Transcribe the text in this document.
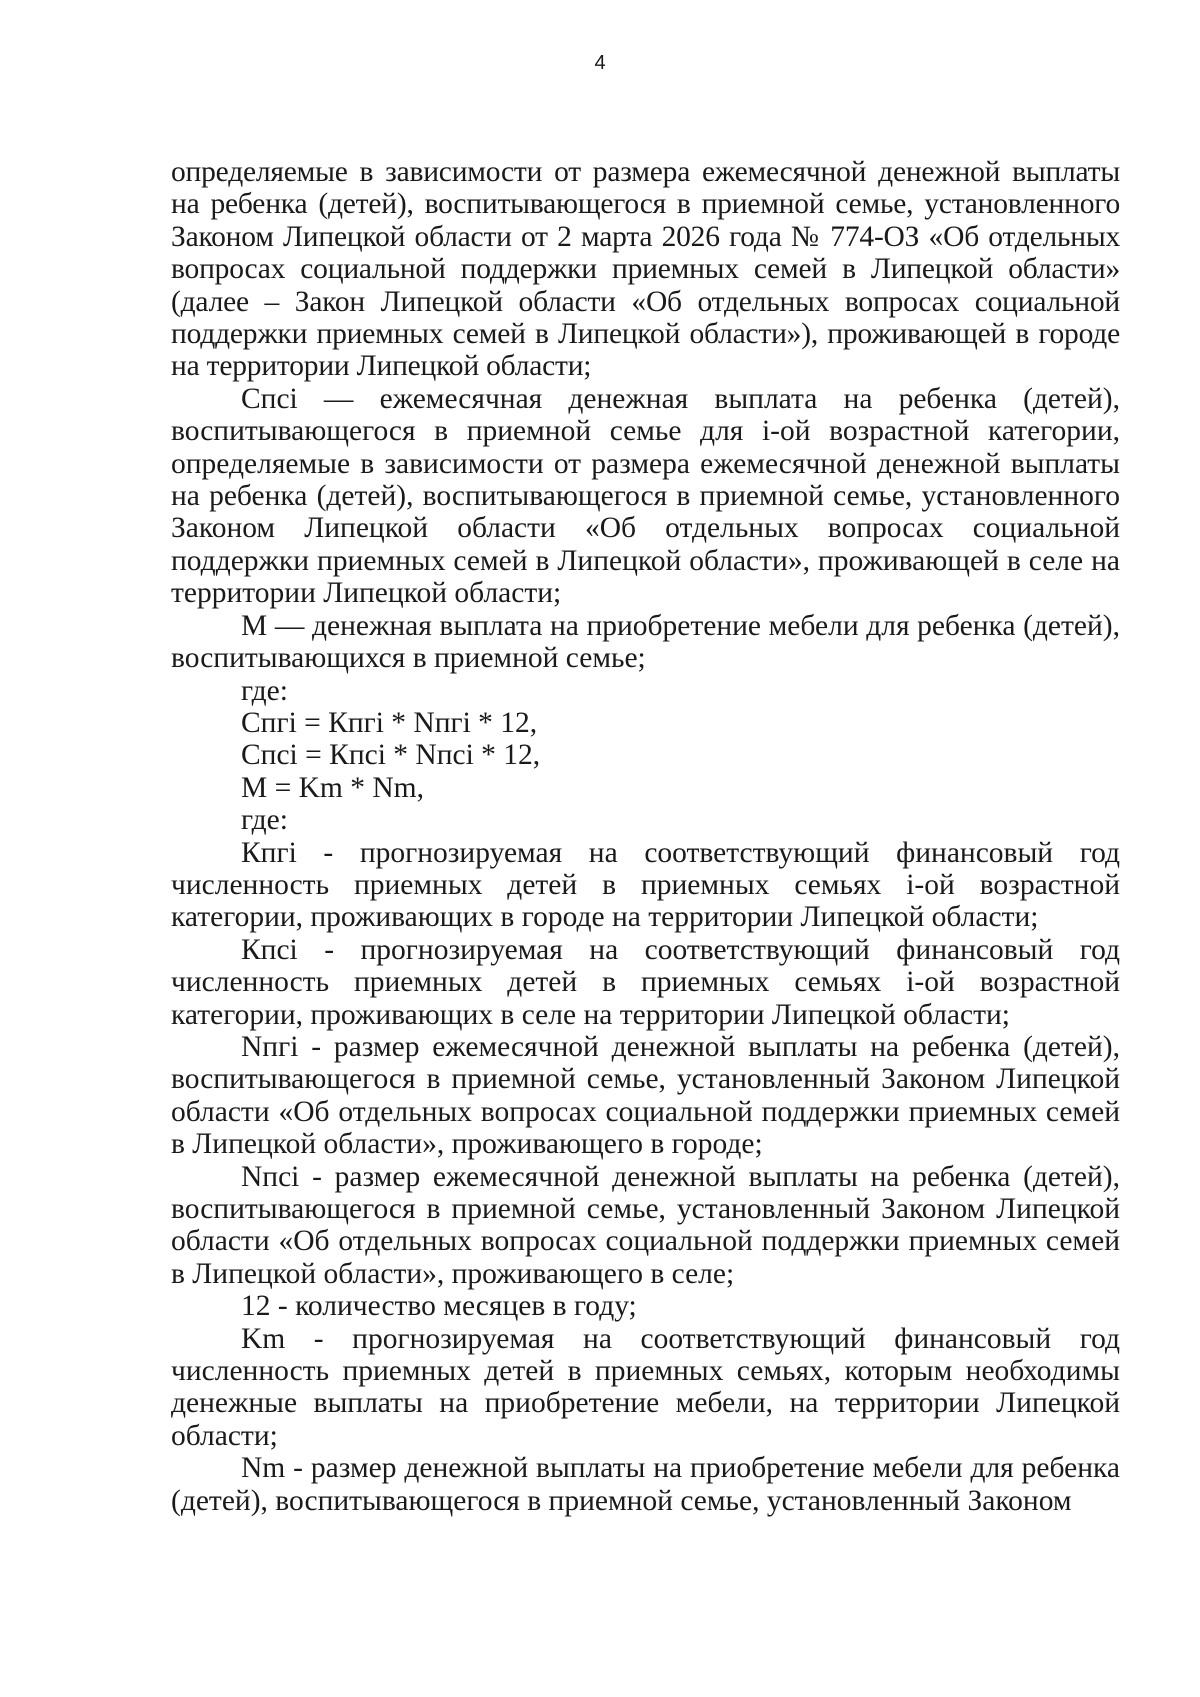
4

определяемые в зависимости от размера ежемесячной денежной выплаты на ребенка (детей), воспитывающегося в приемной семье, установленного Законом Липецкой области от 2 марта 2026 года № 774-ОЗ «Об отдельных вопросах социальной поддержки приемных семей в Липецкой области» (далее – Закон Липецкой области «Об отдельных вопросах социальной поддержки приемных семей в Липецкой области»), проживающей в городе на территории Липецкой области;

Спсi — ежемесячная денежная выплата на ребенка (детей), воспитывающегося в приемной семье для i-ой возрастной категории, определяемые в зависимости от размера ежемесячной денежной выплаты на ребенка (детей), воспитывающегося в приемной семье, установленного Законом Липецкой области «Об отдельных вопросах социальной поддержки приемных семей в Липецкой области», проживающей в селе на территории Липецкой области;

М — денежная выплата на приобретение мебели для ребенка (детей), воспитывающихся в приемной семье;

где:

Спгi = Кпгi * Nпгi * 12,

Спсi = Кпсi * Nпсi * 12,

М = Km * Nm,

где:

Кпгi - прогнозируемая на соответствующий финансовый год численность приемных детей в приемных семьях i-ой возрастной категории, проживающих в городе на территории Липецкой области;

Кпсi - прогнозируемая на соответствующий финансовый год численность приемных детей в приемных семьях i-ой возрастной категории, проживающих в селе на территории Липецкой области;

Nпгi - размер ежемесячной денежной выплаты на ребенка (детей), воспитывающегося в приемной семье, установленный Законом Липецкой области «Об отдельных вопросах социальной поддержки приемных семей в Липецкой области», проживающего в городе;

Nпсi - размер ежемесячной денежной выплаты на ребенка (детей), воспитывающегося в приемной семье, установленный Законом Липецкой области «Об отдельных вопросах социальной поддержки приемных семей в Липецкой области», проживающего в селе;

12 - количество месяцев в году;

Km - прогнозируемая на соответствующий финансовый год численность приемных детей в приемных семьях, которым необходимы денежные выплаты на приобретение мебели, на территории Липецкой области;

Nm - размер денежной выплаты на приобретение мебели для ребенка (детей), воспитывающегося в приемной семье, установленный Законом
